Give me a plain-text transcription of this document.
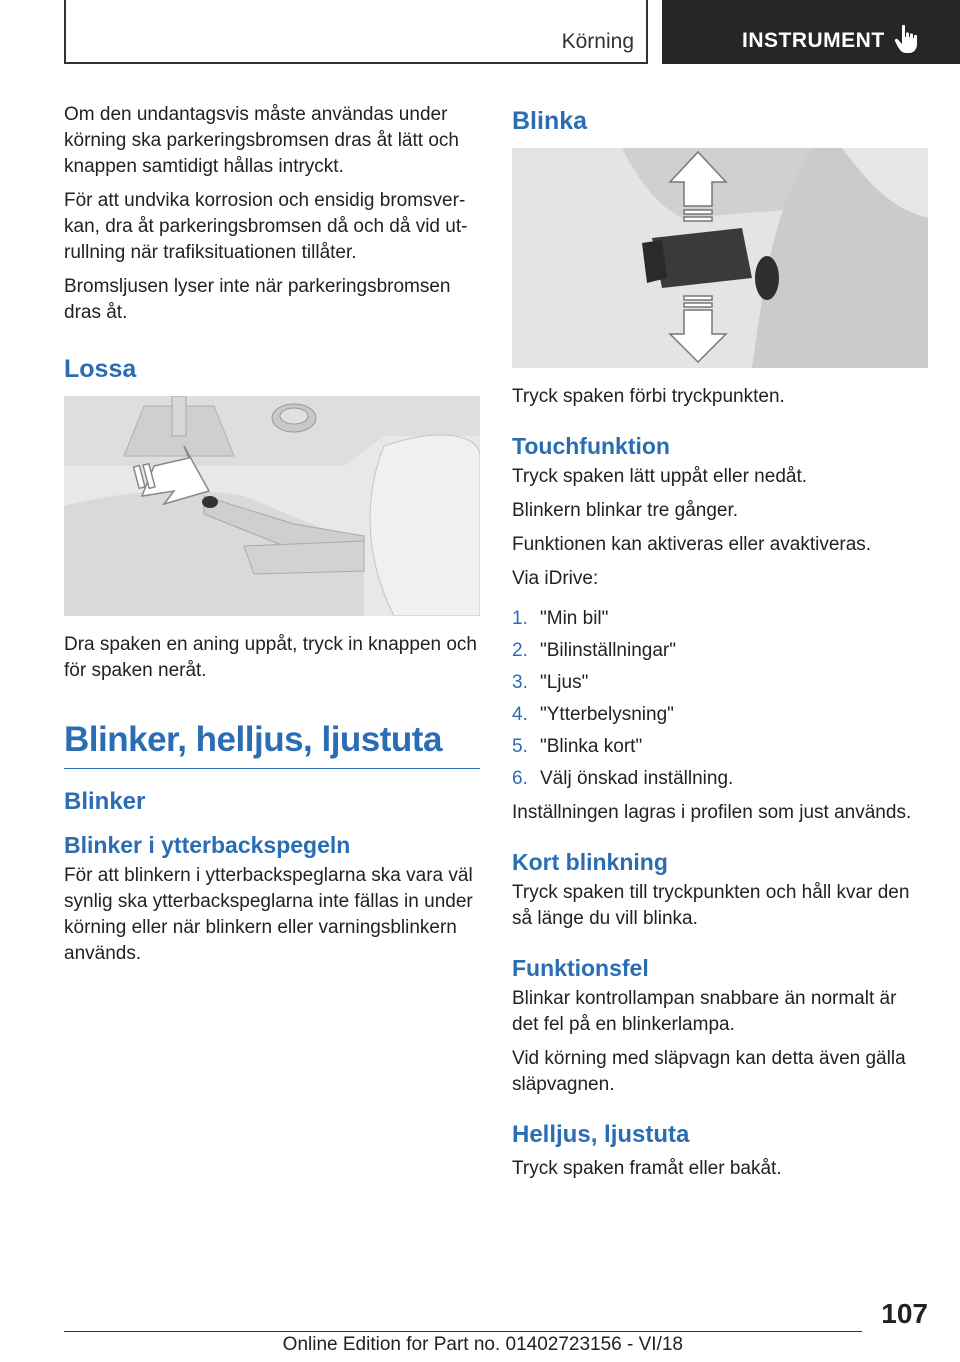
Körning	INSTRUMENT

Om den undantagsvis måste användas under körning ska parkeringsbromsen dras åt lätt och knappen samtidigt hållas intryckt.

För att undvika korrosion och ensidig bromsverkan, dra åt parkeringsbromsen då och då vid utrullning när trafiksituationen tillåter.

Bromsljusen lyser inte när parkeringsbromsen dras åt.

Lossa

Dra spaken en aning uppåt, tryck in knappen och för spaken neråt.

Blinker, helljus, ljustuta
Blinker
Blinker i ytterbackspegeln

För att blinkern i ytterbackspeglarna ska vara väl synlig ska ytterbackspeglarna inte fällas in under körning eller när blinkern eller varningsblinkern används.

Blinka

Tryck spaken förbi tryckpunkten.

Touchfunktion

Tryck spaken lätt uppåt eller nedåt.

Blinkern blinkar tre gånger.

Funktionen kan aktiveras eller avaktiveras.

Via iDrive:

1. "Min bil"
2. "Bilinställningar"
3. "Ljus"
4. "Ytterbelysning"
5. "Blinka kort"
6. Välj önskad inställning.

Inställningen lagras i profilen som just används.

Kort blinkning

Tryck spaken till tryckpunkten och håll kvar den så länge du vill blinka.

Funktionsfel

Blinkar kontrollampan snabbare än normalt är det fel på en blinkerlampa.

Vid körning med släpvagn kan detta även gälla släpvagnen.

Helljus, ljustuta

Tryck spaken framåt eller bakåt.

107
Online Edition for Part no. 01402723156 - VI/18
